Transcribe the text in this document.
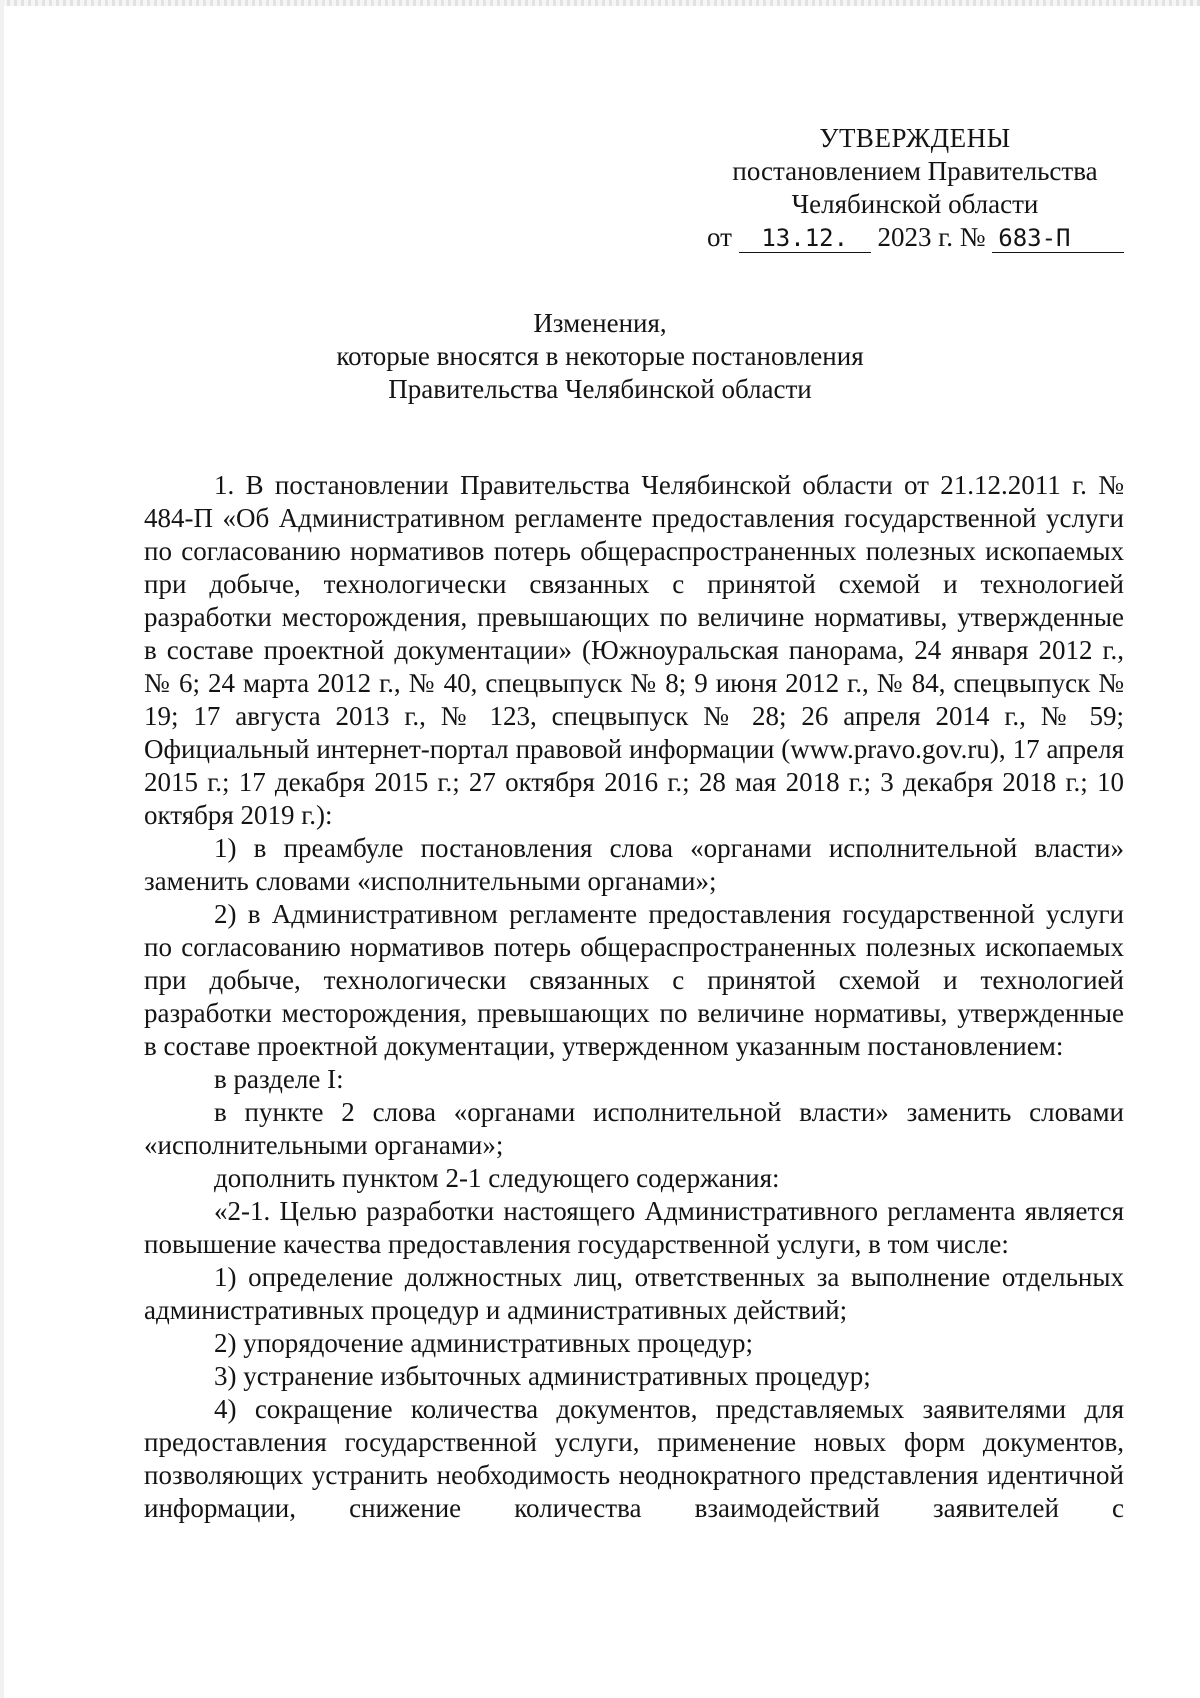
УТВЕРЖДЕНЫ
постановлением Правительства
Челябинской области
от 13.12. 2023 г. № 683-П
Изменения,
которые вносятся в некоторые постановления
Правительства Челябинской области

1. В постановлении Правительства Челябинской области от 21.12.2011 г. № 484-П «Об Административном регламенте предоставления государственной услуги по согласованию нормативов потерь общераспространенных полезных ископаемых при добыче, технологически связанных с принятой схемой и технологией разработки месторождения, превышающих по величине нормативы, утвержденные в составе проектной документации» (Южноуральская панорама, 24 января 2012 г., № 6; 24 марта 2012 г., № 40, спецвыпуск № 8; 9 июня 2012 г., № 84, спецвыпуск № 19; 17 августа 2013 г., № 123, спецвыпуск № 28; 26 апреля 2014 г., № 59; Официальный интернет-портал правовой информации (www.pravo.gov.ru), 17 апреля 2015 г.; 17 декабря 2015 г.; 27 октября 2016 г.; 28 мая 2018 г.; 3 декабря 2018 г.; 10 октября 2019 г.):

1) в преамбуле постановления слова «органами исполнительной власти» заменить словами «исполнительными органами»;

2) в Административном регламенте предоставления государственной услуги по согласованию нормативов потерь общераспространенных полезных ископаемых при добыче, технологически связанных с принятой схемой и технологией разработки месторождения, превышающих по величине нормативы, утвержденные в составе проектной документации, утвержденном указанным постановлением:

в разделе I:

в пункте 2 слова «органами исполнительной власти» заменить словами «исполнительными органами»;

дополнить пунктом 2-1 следующего содержания:

«2-1. Целью разработки настоящего Административного регламента является повышение качества предоставления государственной услуги, в том числе:

1) определение должностных лиц, ответственных за выполнение отдельных административных процедур и административных действий;

2) упорядочение административных процедур;

3) устранение избыточных административных процедур;

4) сокращение количества документов, представляемых заявителями для предоставления государственной услуги, применение новых форм документов, позволяющих устранить необходимость неоднократного представления идентичной информации, снижение количества взаимодействий заявителей с
